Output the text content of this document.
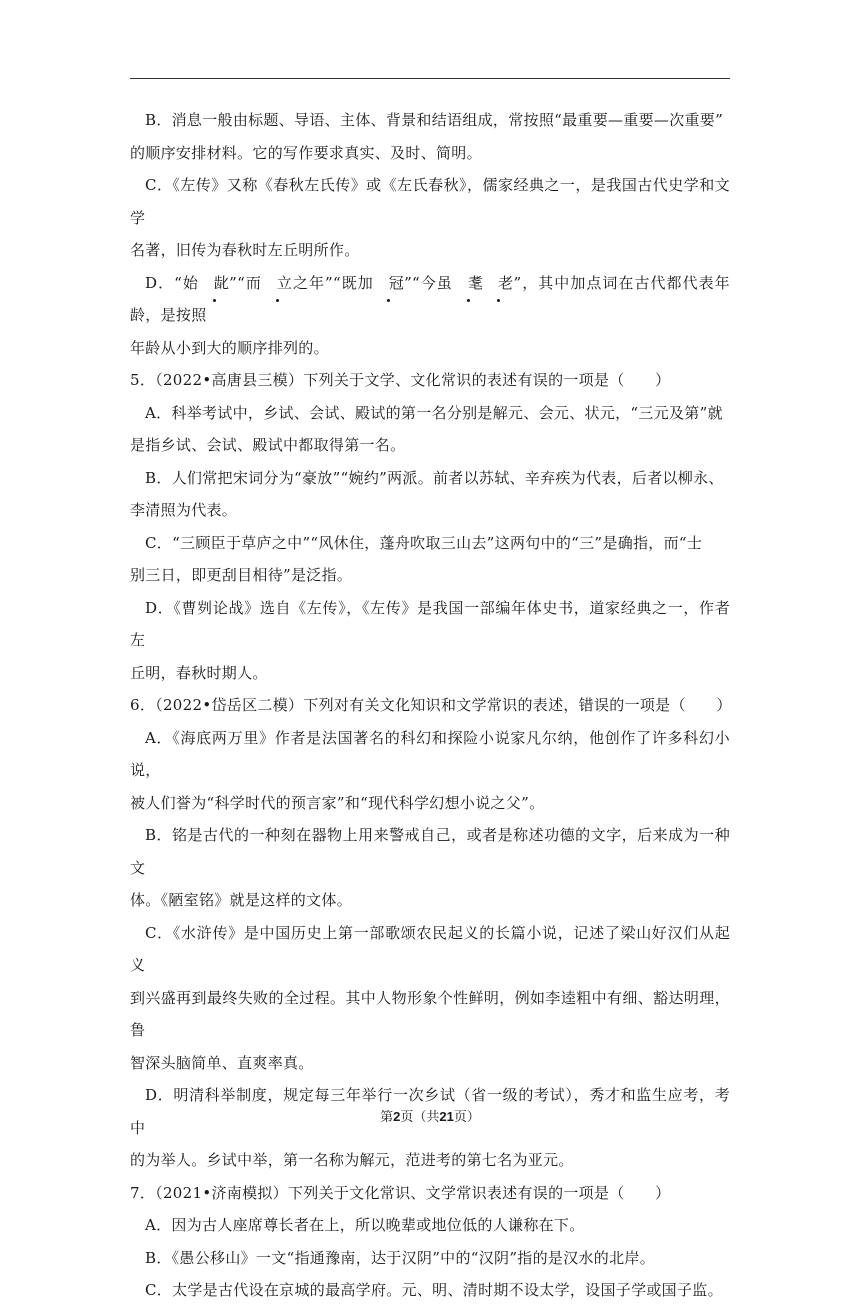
B．消息一般由标题、导语、主体、背景和结语组成，常按照“最重要—重要—次重要”
的顺序安排材料。它的写作要求真实、及时、简明。
C．《左传》又称《春秋左氏传》或《左氏春秋》，儒家经典之一，是我国古代史学和文学
名著，旧传为春秋时左丘明所作。
D．“始 龀”“而 立之年”“既加 冠”“今虽 耄 老”，其中加点词在古代都代表年龄，是按照
年龄从小到大的顺序排列的。
5．（2022•高唐县三模）下列关于文学、文化常识的表述有误的一项是（　　）
A．科举考试中，乡试、会试、殿试的第一名分别是解元、会元、状元，“三元及第”就
是指乡试、会试、殿试中都取得第一名。
B．人们常把宋词分为“豪放”“婉约”两派。前者以苏轼、辛弃疾为代表，后者以柳永、
李清照为代表。
C．“三顾臣于草庐之中”“风休住，蓬舟吹取三山去”这两句中的“三”是确指，而“士
别三日，即更刮目相待”是泛指。
D．《曹刿论战》选自《左传》，《左传》是我国一部编年体史书，道家经典之一，作者左
丘明，春秋时期人。
6．（2022•岱岳区二模）下列对有关文化知识和文学常识的表述，错误的一项是（　　）
A．《海底两万里》作者是法国著名的科幻和探险小说家凡尔纳，他创作了许多科幻小说，
被人们誉为“科学时代的预言家”和“现代科学幻想小说之父”。
B．铭是古代的一种刻在器物上用来警戒自己，或者是称述功德的文字，后来成为一种文
体。《陋室铭》就是这样的文体。
C．《水浒传》是中国历史上第一部歌颂农民起义的长篇小说，记述了梁山好汉们从起义
到兴盛再到最终失败的全过程。其中人物形象个性鲜明，例如李逵粗中有细、豁达明理，鲁
智深头脑简单、直爽率真。
D．明清科举制度，规定每三年举行一次乡试（省一级的考试），秀才和监生应考，考中
的为举人。乡试中举，第一名称为解元，范进考的第七名为亚元。
7．（2021•济南模拟）下列关于文化常识、文学常识表述有误的一项是（　　）
A．因为古人座席尊长者在上，所以晚辈或地位低的人谦称在下。
B．《愚公移山》一文“指通豫南，达于汉阴”中的“汉阴”指的是汉水的北岸。
C．太学是古代设在京城的最高学府。元、明、清时期不设太学，设国子学或国子监。
第2页（共21页）
